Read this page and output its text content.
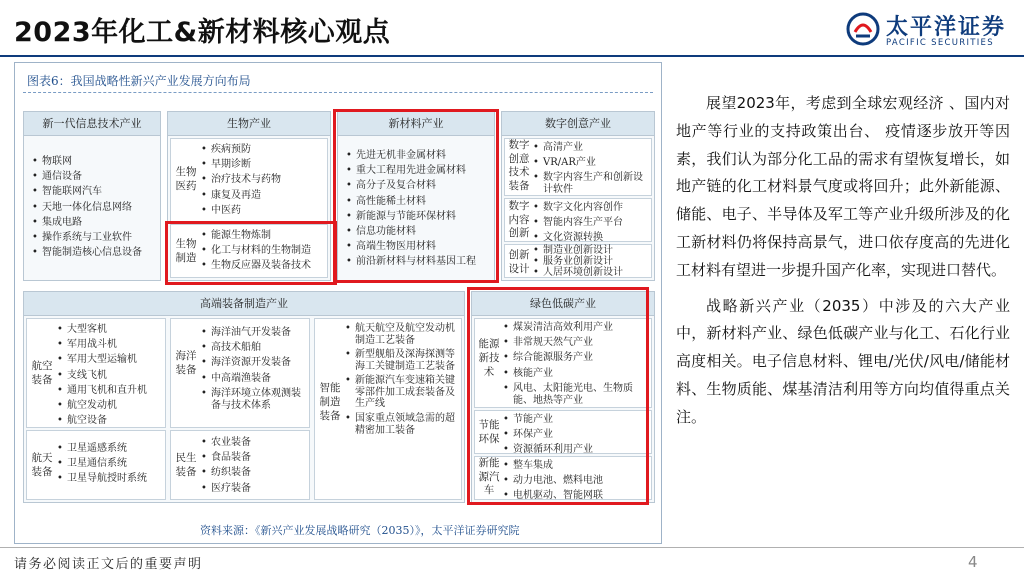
2023年化工&新材料核心观点	太平洋证券
PACIFIC SECURITIES
图表6：我国战略性新兴产业发展方向布局
新一代信息技术产业
• 物联网
• 通信设备
• 智能联网汽车
• 天地一体化信息网络
• 集成电路
• 操作系统与工业软件
• 智能制造核心信息设备
生物产业
生物
医药
• 疾病预防
• 早期诊断
• 治疗技术与药物
• 康复及再造
• 中医药
生物
制造
• 能源生物炼制
• 化工与材料的生物制造
• 生物反应器及装备技术
新材料产业
• 先进无机非金属材料
• 重大工程用先进金属材料
• 高分子及复合材料
• 高性能稀土材料
• 新能源与节能环保材料
• 信息功能材料
• 高端生物医用材料
• 前沿新材料与材料基因工程
数字创意产业
数字
创意
技术
装备
• 高清产业
• VR/AR产业
• 数字内容生产和创新设计软件
数字
内容
创新
• 数字文化内容创作
• 智能内容生产平台
• 文化资源转换
创新
设计
• 制造业创新设计
• 服务业创新设计
• 人居环境创新设计
高端装备制造产业
航空
装备
• 大型客机
• 军用战斗机
• 军用大型运输机
• 支线飞机
• 通用飞机和直升机
• 航空发动机
• 航空设备
航天
装备
• 卫星遥感系统
• 卫星通信系统
• 卫星导航授时系统
海洋
装备
• 海洋油气开发装备
• 高技术船舶
• 海洋资源开发装备
• 中高端渔装备
• 海洋环境立体观测装备与技术体系
民生
装备
• 农业装备
• 食品装备
• 纺织装备
• 医疗装备
智能
制造
装备
• 航天航空及航空发动机制造工艺装备
• 新型舰船及深海探测等海工关键制造工艺装备
• 新能源汽车变速箱关键零部件加工成套装备及生产线
• 国家重点领域急需的超精密加工装备
绿色低碳产业
能源
新技
术
• 煤炭清洁高效利用产业
• 非常规天然气产业
• 综合能源服务产业
• 核能产业
• 风电、太阳能光电、生物质能、地热等产业
节能
环保
• 节能产业
• 环保产业
• 资源循环利用产业
新能
源汽
车
• 整车集成
• 动力电池、燃料电池
• 电机驱动、智能网联
资料来源：《新兴产业发展战略研究（2035）》，太平洋证券研究院

展望2023年，考虑到全球宏观经济 、国内对地产等行业的支持政策出台、 疫情逐步放开等因素，我们认为部分化工品的需求有望恢复增长，如地产链的化工材料景气度或将回升；此外新能源、储能、电子、半导体及军工等产业升级所涉及的化工新材料仍将保持高景气，进口依存度高的先进化工材料有望进一步提升国产化率，实现进口替代。

战略新兴产业（2035）中涉及的六大产业中，新材料产业、绿色低碳产业与化工、石化行业高度相关。电子信息材料、锂电/光伏/风电/储能材料、生物质能、煤基清洁利用等方向均值得重点关注。

请务必阅读正文后的重要声明	4
